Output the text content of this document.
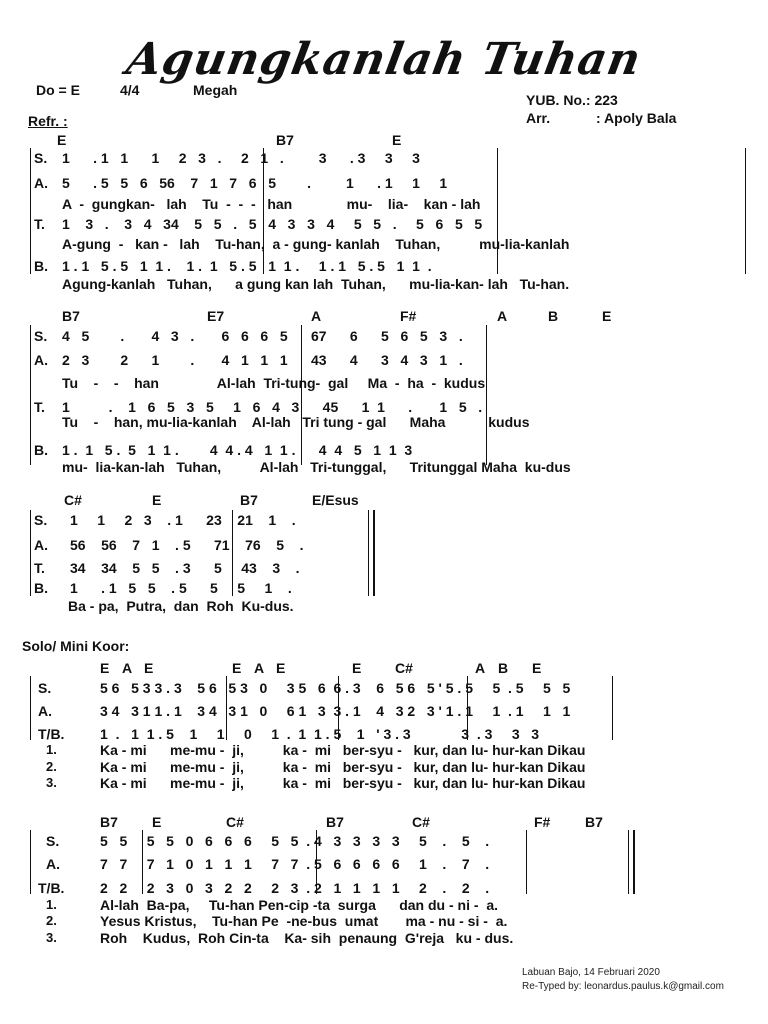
Agungkanlah Tuhan
Do = E	4/4	Megah
YUB. No.: 223
Arr.	: Apoly Bala
Refr. :
E	B7	E
S. 1      . 1   1      1     2   3   .     2   1   .         3      . 3     3     3
A. 5      . 5   5   6   56    7   1   7   6   5        .         1      . 1     1     1
A  -  gungkan-   lah    Tu  -  -  -   han              mu-    lia-    kan - lah
T. 1    3   .    3   4   34    5   5   .   5   4   3   3   4     5   5   .     5   6   5   5
A-gung  -   kan -   lah    Tu-han,  a - gung- kanlah    Tuhan,          mu-lia-kanlah
B. 1 . 1   5 . 5   1  1 .    1 .  1   5 . 5   1  1 .     1 . 1   5 . 5   1  1  .
Agung-kanlah   Tuhan,      a gung kan lah  Tuhan,      mu-lia-kan- lah   Tu-han.
B7	E7	A	F#	A	B	E
S. 4   5        .       4   3   .       6   6   6   5      67      6      5   6   5   3   .
A. 2   3        2      1        .       4   1   1   1      43      4      3   4   3   1   .
Tu    -    -    han               Al-lah  Tri-tung-  gal     Ma  -  ha  -  kudus
T. 1          .    1   6   5   3   5     1   6   4   3      45      1  1      .       1   5   .
Tu    -    han, mu-lia-kanlah    Al-lah   Tri tung - gal      Maha           kudus
B. 1 .  1   5 .  5   1  1 .        4  4 . 4   1  1 .      4  4   5   1  1  3
mu-  lia-kan-lah   Tuhan,          Al-lah   Tri-tunggal,      Tritunggal Maha  ku-dus
C#	E	B7	E/Esus
S. 1     1     2   3    . 1      23    21    1    .
A. 56    56    7   1    . 5      71    76    5    .
T. 34    34    5   5    . 3      5     43    3    .
B. 1      . 1   5   5    . 5      5     5     1    .
Ba - pa,  Putra,  dan  Roh  Ku-dus.
Solo/ Mini Koor:
E A E	E A E	E C#	A B E
S.	5 6   5 3 3 . 3    5 6   5 3   0     3 5   6  6 . 3    6   5 6   5 ' 5 . 5     5  . 5     5   5
A.	3 4   3 1 1 . 1    3 4   3 1   0     6 1   3  3 . 1    4   3 2   3 ' 1 . 1     1  . 1     1   1
T/B.	1  .   1  1 . 5    1     1     0     1  .  1  1 . 5    1   ' 3 . 3             3  . 3     3   3
1.	Ka - mi      me-mu -  ji,          ka -  mi   ber-syu -   kur, dan lu- hur-kan Dikau
2.	Ka - mi      me-mu -  ji,          ka -  mi   ber-syu -   kur, dan lu- hur-kan Dikau
3.	Ka - mi      me-mu -  ji,          ka -  mi   ber-syu -   kur, dan lu- hur-kan Dikau
B7 E	C#	B7	C#	F# B7
S.	5   5     5   5   0   6   6   6     5   5  . 4   3   3   3   3     5    .    5    .
A.	7   7     7   1   0   1   1   1     7   7  . 5   6   6   6   6     1    .    7    .
T/B.	2   2     2   3   0   3   2   2     2   3  . 2   1   1   1   1     2    .    2    .
1.	Al-lah  Ba-pa,     Tu-han Pen-cip -ta  surga      dan du - ni -  a.
2.	Yesus Kristus,    Tu-han Pe  -ne-bus  umat       ma - nu - si -  a.
3.	Roh    Kudus,  Roh Cin-ta    Ka- sih  penaung  G'reja   ku - dus.
Labuan Bajo, 14 Februari 2020
Re-Typed by: leonardus.paulus.k@gmail.com
